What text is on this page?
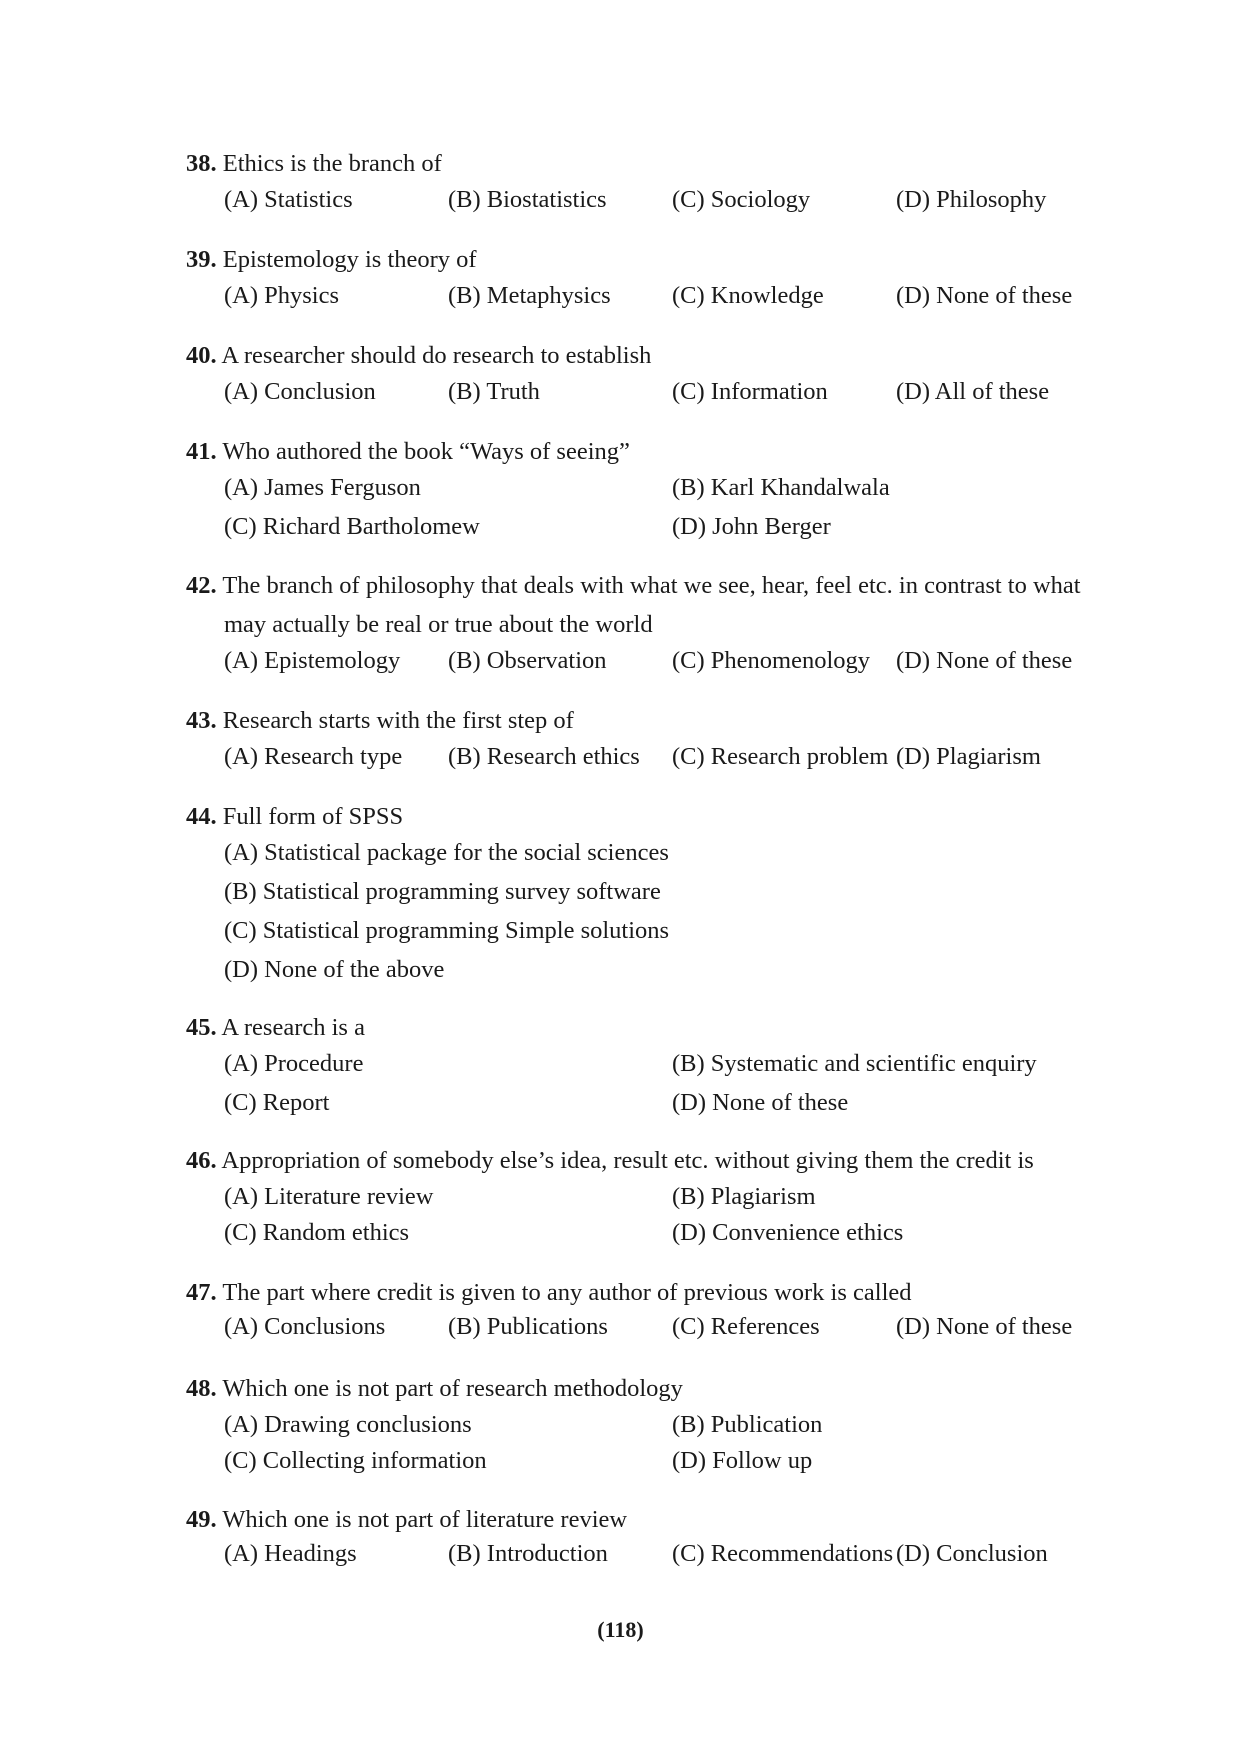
38. Ethics is the branch of

(A) Statistics	(B) Biostatistics	(C) Sociology	(D) Philosophy

39. Epistemology is theory of

(A) Physics	(B) Metaphysics	(C) Knowledge	(D) None of these

40. A researcher should do research to establish

(A) Conclusion	(B) Truth	(C) Information	(D) All of these

41. Who authored the book “Ways of seeing”

(A) James Ferguson	(B) Karl Khandalwala
(C) Richard Bartholomew	(D) John Berger

42. The branch of philosophy that deals with what we see, hear, feel etc. in contrast to what
may actually be real or true about the world

(A) Epistemology	(B) Observation	(C) Phenomenology	(D) None of these

43. Research starts with the first step of

(A) Research type	(B) Research ethics	(C) Research problem (D) Plagiarism

44. Full form of SPSS

(A) Statistical package for the social sciences
(B) Statistical programming survey software
(C) Statistical programming Simple solutions
(D) None of the above

45. A research is a

(A) Procedure	(B) Systematic and scientific enquiry
(C) Report	(D) None of these

46. Appropriation of somebody else’s idea, result etc. without giving them the credit is

(A) Literature review	(B) Plagiarism
(C) Random ethics	(D) Convenience ethics

47. The part where credit is given to any author of previous work is called

(A) Conclusions	(B) Publications	(C) References	(D) None of these

48. Which one is not part of research methodology

(A) Drawing conclusions	(B) Publication
(C) Collecting information	(D) Follow up

49. Which one is not part of literature review

(A) Headings	(B) Introduction	(C) Recommendations (D) Conclusion
(118)
